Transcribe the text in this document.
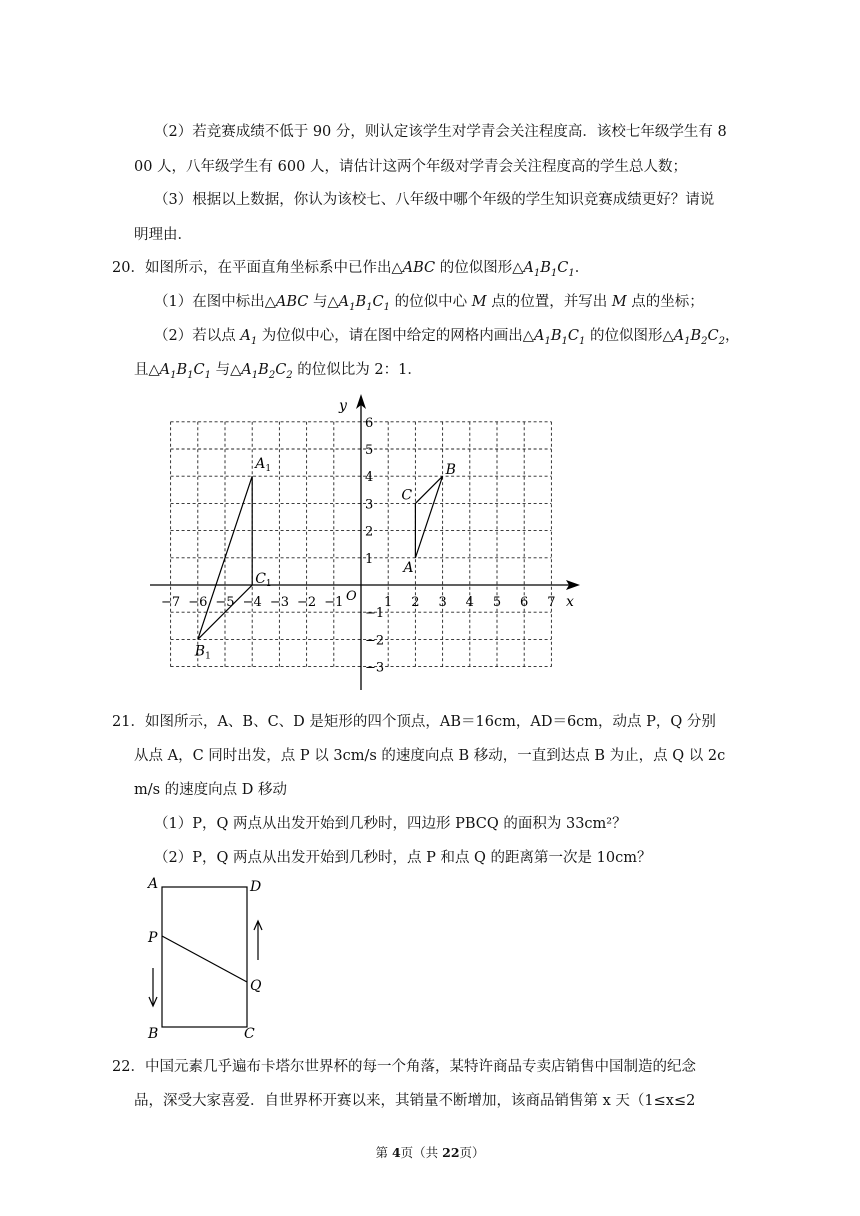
（2）若竞赛成绩不低于 90 分，则认定该学生对学青会关注程度高．该校七年级学生有 8
00 人，八年级学生有 600 人，请估计这两个年级对学青会关注程度高的学生总人数；
（3）根据以上数据，你认为该校七、八年级中哪个年级的学生知识竞赛成绩更好？请说
明理由．
20．如图所示，在平面直角坐标系中已作出△ABC 的位似图形$\triangle A_1B_1C_1$．
（1）在图中标出△ABC 与$\triangle A_1B_1C_1$ 的位似中心 M 点的位置，并写出 M 点的坐标；
（2）若以点 $A_1$ 为位似中心，请在图中给定的网格内画出$\triangle A_1B_1C_1$ 的位似图形$\triangle A_1B_2C_2$，
且$\triangle A_1B_1C_1$ 与$\triangle A_1B_2C_2$ 的位似比为 2：1．
x
y
O
−7 −6 −5 −4 −3 −2 −1	1 2 3 4 5 6 7
6
5
4
3
2
1
−1
−2
−3
A
B
C
$A_1$
$B_1$
$C_1$
21．如图所示，A、B、C、D 是矩形的四个顶点，AB＝16cm，AD＝6cm，动点 P，Q 分别
从点 A，C 同时出发，点 P 以 3cm/s 的速度向点 B 移动，一直到达点 B 为止，点 Q 以 2c
m/s 的速度向点 D 移动
（1）P，Q 两点从出发开始到几秒时，四边形 PBCQ 的面积为 33cm²？
（2）P，Q 两点从出发开始到几秒时，点 P 和点 Q 的距离第一次是 10cm？
A	D
P
Q
B	C
22．中国元素几乎遍布卡塔尔世界杯的每一个角落，某特许商品专卖店销售中国制造的纪念
品，深受大家喜爱．自世界杯开赛以来，其销量不断增加，该商品销售第 x 天（1≤x≤2
第 4页（共 22页）
